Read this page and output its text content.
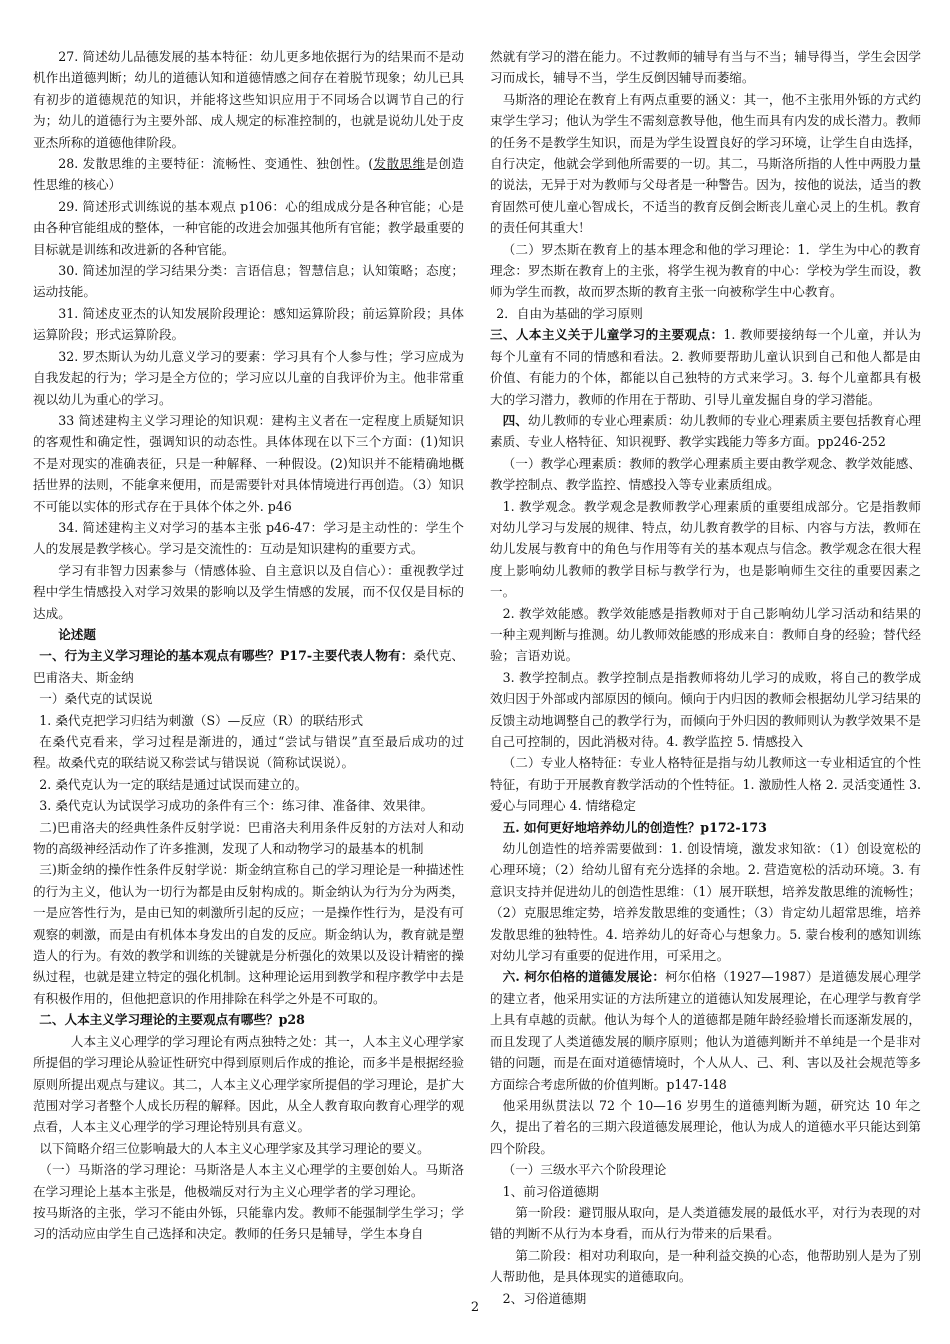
27. 简述幼儿品德发展的基本特征：幼儿更多地依据行为的结果而不是动机作出道德判断；幼儿的道德认知和道德情感之间存在着脱节现象；幼儿已具有初步的道德规范的知识，并能将这些知识应用于不同场合以调节自己的行为；幼儿的道德行为主要外部、成人规定的标准控制的，也就是说幼儿处于皮亚杰所称的道德他律阶段。

28. 发散思维的主要特征：流畅性、变通性、独创性。(发散思维是创造性思维的核心）

29. 简述形式训练说的基本观点 p106：心的组成成分是各种官能；心是由各种官能组成的整体，一种官能的改进会加强其他所有官能；教学最重要的目标就是训练和改进新的各种官能。

30. 简述加涅的学习结果分类：言语信息；智慧信息；认知策略；态度；运动技能。

31. 简述皮亚杰的认知发展阶段理论：感知运算阶段；前运算阶段；具体运算阶段；形式运算阶段。

32. 罗杰斯认为幼儿意义学习的要素：学习具有个人参与性；学习应成为自我发起的行为；学习是全方位的；学习应以儿童的自我评价为主。他非常重视以幼儿为重心的学习。

33 简述建构主义学习理论的知识观：建构主义者在一定程度上质疑知识的客观性和确定性，强调知识的动态性。具体体现在以下三个方面：(1)知识不是对现实的准确表征，只是一种解释、一种假设。(2)知识并不能精确地概括世界的法则，不能拿来便用，而是需要针对具体情境进行再创造。（3）知识不可能以实体的形式存在于具体个体之外. p46

34. 简述建构主义对学习的基本主张 p46-47：学习是主动性的：学生个人的发展是教学核心。学习是交流性的：互动是知识建构的重要方式。

学习有非智力因素参与（情感体验、自主意识以及自信心）：重视教学过程中学生情感投入对学习效果的影响以及学生情感的发展，而不仅仅是目标的达成。

论述题

一、行为主义学习理论的基本观点有哪些？P17-主要代表人物有：桑代克、巴甫洛夫、斯金纳

一）桑代克的试误说

1. 桑代克把学习归结为刺激（S）—反应（R）的联结形式

在桑代克看来，学习过程是渐进的，通过“尝试与错误”直至最后成功的过程。故桑代克的联结说又称尝试与错误说（简称试误说）。

2. 桑代克认为一定的联结是通过试误而建立的。

3. 桑代克认为试误学习成功的条件有三个：练习律、准备律、效果律。

二)巴甫洛夫的经典性条件反射学说：巴甫洛夫利用条件反射的方法对人和动物的高级神经活动作了许多推测，发现了人和动物学习的最基本的机制

三)斯金纳的操作性条件反射学说：斯金纳宣称自己的学习理论是一种描述性的行为主义，他认为一切行为都是由反射构成的。斯金纳认为行为分为两类，一是应答性行为，是由已知的刺激所引起的反应；一是操作性行为，是没有可观察的刺激，而是由有机体本身发出的自发的反应。斯金纳认为，教育就是塑造人的行为。有效的教学和训练的关键就是分析强化的效果以及设计精密的操纵过程，也就是建立特定的强化机制。这种理论运用到教学和程序教学中去是有积极作用的，但他把意识的作用排除在科学之外是不可取的。

二、人本主义学习理论的主要观点有哪些？p28

人本主义心理学的学习理论有两点独特之处：其一，人本主义心理学家所提倡的学习理论从验证性研究中得到原则后作成的推论，而多半是根据经验原则所提出观点与建议。其二，人本主义心理学家所提倡的学习理论，是扩大范围对学习者整个人成长历程的解释。因此，从全人教育取向教育心理学的观点看，人本主义心理学的学习理论特别具有意义。

以下简略介绍三位影响最大的人本主义心理学家及其学习理论的要义。

（一）马斯洛的学习理论：马斯洛是人本主义心理学的主要创始人。马斯洛在学习理论上基本主张是，他极端反对行为主义心理学者的学习理论。

按马斯洛的主张，学习不能由外铄，只能靠内发。教师不能强制学生学习；学习的活动应由学生自己选择和决定。教师的任务只是辅导，学生本身自

然就有学习的潜在能力。不过教师的辅导有当与不当；辅导得当，学生会因学习而成长，辅导不当，学生反倒因辅导而萎缩。

马斯洛的理论在教育上有两点重要的涵义：其一，他不主张用外铄的方式约束学生学习；他认为学生不需刻意教导他，他生而具有内发的成长潜力。教师的任务不是教学生知识，而是为学生设置良好的学习环境，让学生自由选择，自行决定，他就会学到他所需要的一切。其二，马斯洛所指的人性中两股力量的说法，无异于对为教师与父母者是一种警告。因为，按他的说法，适当的教育固然可使儿童心智成长，不适当的教育反倒会断丧儿童心灵上的生机。教育的责任何其重大！

（二）罗杰斯在教育上的基本理念和他的学习理论：1．学生为中心的教育理念：罗杰斯在教育上的主张，将学生视为教育的中心：学校为学生而设，教师为学生而教，故而罗杰斯的教育主张一向被称学生中心教育。

2．自由为基础的学习原则

三、人本主义关于儿童学习的主要观点：1. 教师要接纳每一个儿童，并认为每个儿童有不同的情感和看法。2. 教师要帮助儿童认识到自己和他人都是由价值、有能力的个体，都能以自己独特的方式来学习。3. 每个儿童都具有极大的学习潜力，教师的作用在于帮助、引导儿童发掘自身的学习潜能。

四、幼儿教师的专业心理素质：幼儿教师的专业心理素质主要包括教育心理素质、专业人格特征、知识视野、教学实践能力等多方面。pp246-252

（一）教学心理素质：教师的教学心理素质主要由教学观念、教学效能感、教学控制点、教学监控、情感投入等专业素质组成。

1. 教学观念。教学观念是教师教学心理素质的重要组成部分。它是指教师对幼儿学习与发展的规律、特点，幼儿教育教学的目标、内容与方法，教师在幼儿发展与教育中的角色与作用等有关的基本观点与信念。教学观念在很大程度上影响幼儿教师的教学目标与教学行为，也是影响师生交往的重要因素之一。

2. 教学效能感。教学效能感是指教师对于自己影响幼儿学习活动和结果的一种主观判断与推测。幼儿教师效能感的形成来自：教师自身的经验；替代经验；言语劝说。

3. 教学控制点。教学控制点是指教师将幼儿学习的成败，将自己的教学成效归因于外部或内部原因的倾向。倾向于内归因的教师会根据幼儿学习结果的反馈主动地调整自己的教学行为，而倾向于外归因的教师则认为教学效果不是自己可控制的，因此消极对待。4. 教学监控 5. 情感投入

（二）专业人格特征：专业人格特征是指与幼儿教师这一专业相适宜的个性特征，有助于开展教育教学活动的个性特征。1. 激励性人格 2. 灵活变通性 3. 爱心与同理心 4. 情绪稳定

五. 如何更好地培养幼儿的创造性？p172-173

幼儿创造性的培养需要做到：1. 创设情境，激发求知欲：（1）创设宽松的心理环境；（2）给幼儿留有充分选择的余地。2. 营造宽松的活动环境。3. 有意识支持并促进幼儿的创造性思维：（1）展开联想，培养发散思维的流畅性；（2）克服思维定势，培养发散思维的变通性；（3）肯定幼儿超常思维，培养发散思维的独特性。4. 培养幼儿的好奇心与想象力。5. 蒙台梭利的感知训练对幼儿学习有重要的促进作用，可采用之。

六. 柯尔伯格的道德发展论：柯尔伯格（1927—1987）是道德发展心理学的建立者，他采用实证的方法所建立的道德认知发展理论，在心理学与教育学上具有卓越的贡献。他认为每个人的道德都是随年龄经验增长而逐渐发展的，而且发现了人类道德发展的顺序原则；他认为道德判断并不单纯是一个是非对错的问题，而是在面对道德情境时，个人从人、己、利、害以及社会规范等多方面综合考虑所做的价值判断。p147-148

他采用纵贯法以 72 个 10—16 岁男生的道德判断为题，研究达 10 年之久，提出了着名的三期六段道德发展理论，他认为成人的道德水平只能达到第四个阶段。

（一）三级水平六个阶段理论

1、前习俗道德期

第一阶段：避罚服从取向，是人类道德发展的最低水平，对行为表现的对错的判断不从行为本身看，而从行为带来的后果看。

第二阶段：相对功利取向，是一种利益交换的心态，他帮助别人是为了别人帮助他，是具体现实的道德取向。

2、习俗道德期

2
